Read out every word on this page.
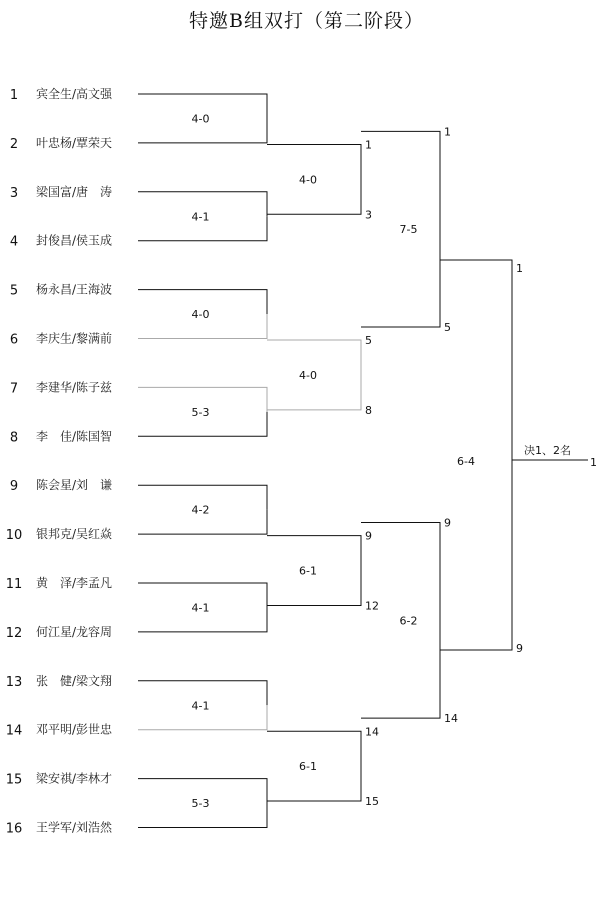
特邀B组双打（第二阶段）
1 宾全生/高文强
2 叶忠杨/覃荣天
3 梁国富/唐　涛
4 封俊昌/侯玉成
5 杨永昌/王海波
6 李庆生/黎满前
7 李建华/陈子兹
8 李　佳/陈国智
9 陈会星/刘　谦
10 银邦克/吴红焱
11 黄　泽/李孟凡
12 何江星/龙容周
13 张　健/梁文翔
14 邓平明/彭世忠
15 梁安祺/李林才
16 王学军/刘浩然
4-0
4-1
4-0
5-3
4-2
4-1
4-1
5-3
1
3
4-0
5
8
4-0
9
12
6-1
14
15
6-1
1
5
7-5
9
14
6-2
1
9
6-4
决1、2名
1
